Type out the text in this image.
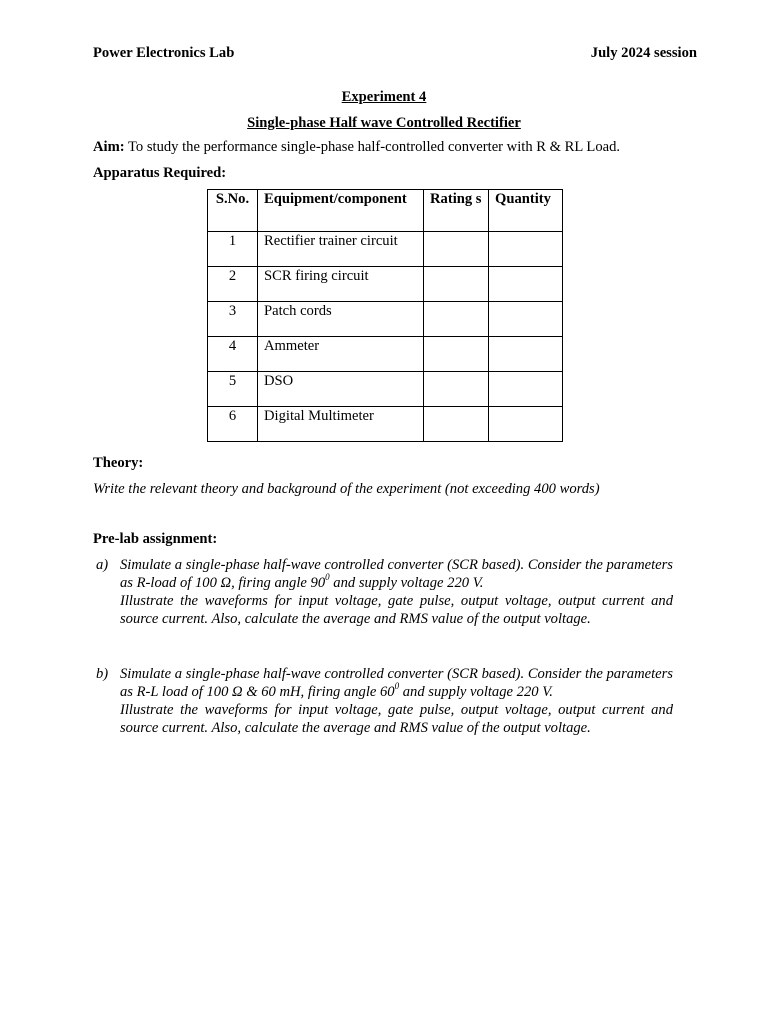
Power Electronics Lab	July 2024 session
Experiment 4
Single-phase Half wave Controlled Rectifier
Aim: To study the performance single-phase half-controlled converter with R & RL Load.
Apparatus Required:
S.No.	Equipment/component	Rating s	Quantity
1	Rectifier trainer circuit		
2	SCR firing circuit		
3	Patch cords		
4	Ammeter		
5	DSO		
6	Digital Multimeter		
Theory:
Write the relevant theory and background of the experiment (not exceeding 400 words)
Pre-lab assignment:
a) Simulate a single-phase half-wave controlled converter (SCR based). Consider the parameters as R-load of 100 Ω, firing angle $90^0$ and supply voltage 220 V.

Illustrate the waveforms for input voltage, gate pulse, output voltage, output current and source current. Also, calculate the average and RMS value of the output voltage.

b) Simulate a single-phase half-wave controlled converter (SCR based). Consider the parameters as R-L load of 100 Ω & 60 mH, firing angle $60^0$ and supply voltage 220 V.

Illustrate the waveforms for input voltage, gate pulse, output voltage, output current and source current. Also, calculate the average and RMS value of the output voltage.
